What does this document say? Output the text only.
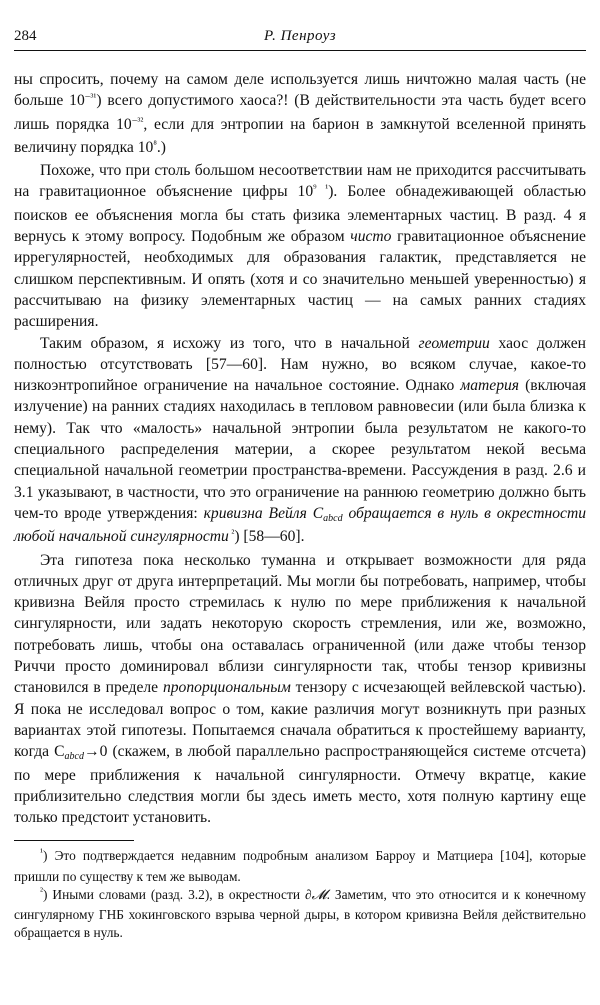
284	Р. Пенроуз

ны спросить, почему на самом деле используется лишь ничтожно малая часть (не больше $10^{-^{31}}$) всего допустимого хаоса?! (В действительности эта часть будет всего лишь порядка $10^{-^{32}}$, если для энтропии на барион в замкнутой вселенной принять величину порядка $10^{^8}$.)

Похоже, что при столь большом несоответствии нам не приходится рассчитывать на гравитационное объяснение цифры $10^{^9 ^1}$). Более обнадеживающей областью поисков ее объяснения могла бы стать физика элементарных частиц. В разд. 4 я вернусь к этому вопросу. Подобным же образом чисто гравитационное объяснение иррегулярностей, необходимых для образования галактик, представляется не слишком перспективным. И опять (хотя и со значительно меньшей уверенностью) я рассчитываю на физику элементарных частиц — на самых ранних стадиях расширения.

Таким образом, я исхожу из того, что в начальной геометрии хаос должен полностью отсутствовать [57—60]. Нам нужно, во всяком случае, какое-то низкоэнтропийное ограничение на начальное состояние. Однако материя (включая излучение) на ранних стадиях находилась в тепловом равновесии (или была близка к нему). Так что «малость» начальной энтропии была результатом не какого-то специального распределения материи, а скорее результатом некой весьма специальной начальной геометрии пространства-времени. Рассуждения в разд. 2.6 и 3.1 указывают, в частности, что это ограничение на раннюю геометрию должно быть чем-то вроде утверждения: кривизна Вейля $C_{abcd}$ обращается в нуль в окрестности любой начальной сингулярности $^{^2}$) [58—60].

Эта гипотеза пока несколько туманна и открывает возможности для ряда отличных друг от друга интерпретаций. Мы могли бы потребовать, например, чтобы кривизна Вейля просто стремилась к нулю по мере приближения к начальной сингулярности, или задать некоторую скорость стремления, или же, возможно, потребовать лишь, чтобы она оставалась ограниченной (или даже чтобы тензор Риччи просто доминировал вблизи сингулярности так, чтобы тензор кривизны становился в пределе пропорциональным тензору с исчезающей вейлевской частью). Я пока не исследовал вопрос о том, какие различия могут возникнуть при разных вариантах этой гипотезы. Попытаемся сначала обратиться к простейшему варианту, когда $C_{abcd}\to 0$ (скажем, в любой параллельно распространяющейся системе отсчета) по мере приближения к начальной сингулярности. Отмечу вкратце, какие приблизительно следствия могли бы здесь иметь место, хотя полную картину еще только предстоит установить.

$^{^1}$) Это подтверждается недавним подробным анализом Барроу и Матциера [104], которые пришли по существу к тем же выводам.

$^{^2}$) Иными словами (разд. 3.2), в окрестности ∂𝓜. Заметим, что это относится и к конечному сингулярному ГНБ хокинговского взрыва черной дыры, в котором кривизна Вейля действительно обращается в нуль.
